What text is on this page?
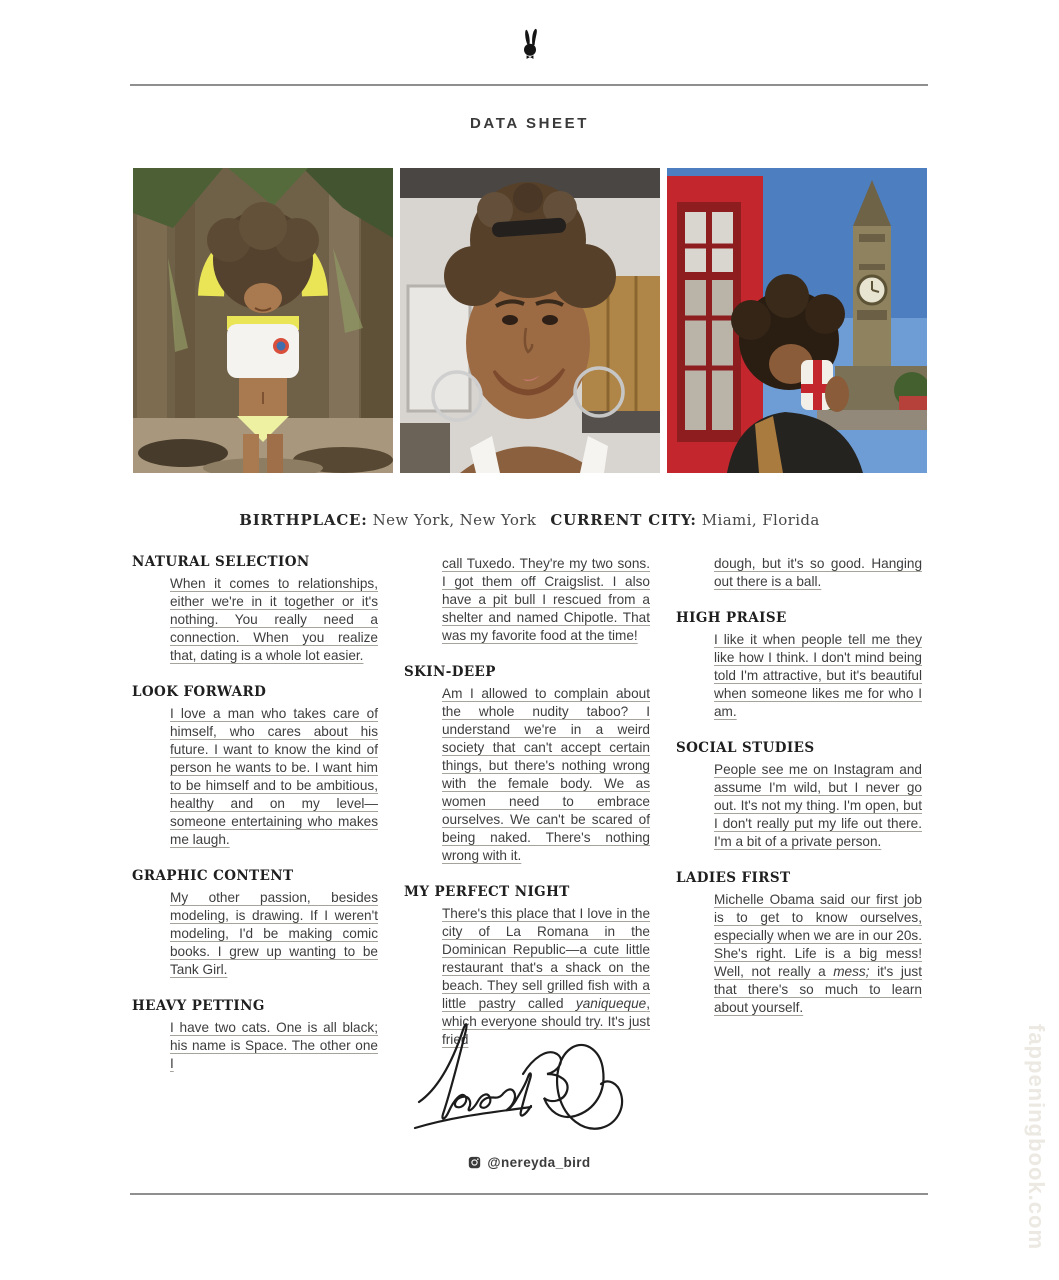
DATA SHEET
BIRTHPLACE: New York, New York CURRENT CITY: Miami, Florida
NATURAL SELECTION

When it comes to relationships, either we're in it together or it's nothing. You really need a connection. When you realize that, dating is a whole lot easier.

LOOK FORWARD

I love a man who takes care of himself, who cares about his future. I want to know the kind of person he wants to be. I want him to be himself and to be ambitious, healthy and on my level—someone entertaining who makes me laugh.

GRAPHIC CONTENT

My other passion, besides modeling, is drawing. If I weren't modeling, I'd be making comic books. I grew up wanting to be Tank Girl.

HEAVY PETTING

I have two cats. One is all black; his name is Space. The other one I

call Tuxedo. They're my two sons. I got them off Craigslist. I also have a pit bull I rescued from a shelter and named Chipotle. That was my favorite food at the time!

SKIN-DEEP

Am I allowed to complain about the whole nudity taboo? I understand we're in a weird society that can't accept certain things, but there's nothing wrong with the female body. We as women need to embrace ourselves. We can't be scared of being naked. There's nothing wrong with it.

MY PERFECT NIGHT

There's this place that I love in the city of La Romana in the Dominican Republic—a cute little restaurant that's a shack on the beach. They sell grilled fish with a little pastry called yaniqueque, which everyone should try. It's just fried

dough, but it's so good. Hanging out there is a ball.

HIGH PRAISE

I like it when people tell me they like how I think. I don't mind being told I'm attractive, but it's beautiful when someone likes me for who I am.

SOCIAL STUDIES

People see me on Instagram and assume I'm wild, but I never go out. It's not my thing. I'm open, but I don't really put my life out there. I'm a bit of a private person.

LADIES FIRST

Michelle Obama said our first job is to get to know ourselves, especially when we are in our 20s. She's right. Life is a big mess! Well, not really a mess; it's just that there's so much to learn about yourself.

@nereyda_bird	fappeningbook.com
